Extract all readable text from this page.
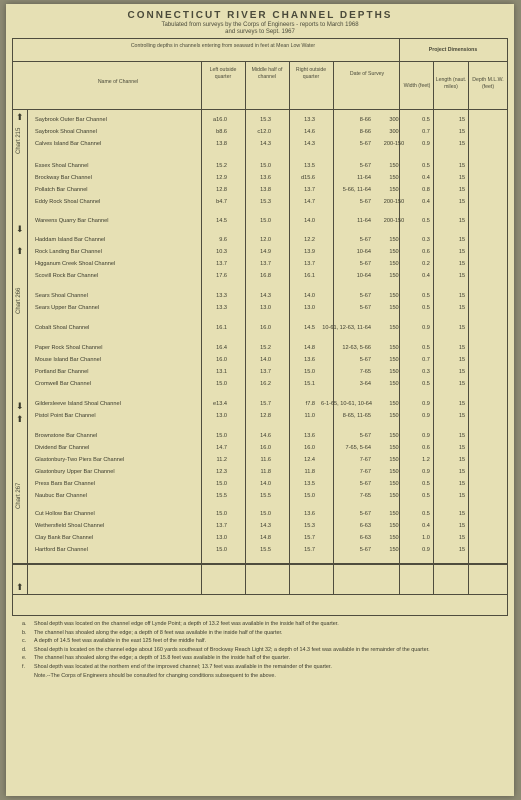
CONNECTICUT RIVER CHANNEL DEPTHS
Tabulated from surveys by the Corps of Engineers - reports to March 1968
and surveys to Sept. 1967
Controlling depths in channels entering from seaward in feet at Mean Low Water
Project Dimensions
Name of Channel
Left outside quarter
Middle half of channel
Right outside quarter	Date of Survey
Width (feet)
Length (naut. miles)
Depth M.L.W. (feet)
Chart 215
Chart 266
Chart 267
⬆
⬇
⬆
⬇
⬆
⬆
Saybrook Outer Bar Channel	a16.0	15.3	13.3	8-66	300	0.5	15
Saybrook Shoal Channel	b8.6	c12.0	14.6	8-66	300	0.7	15
Calves Island Bar Channel	13.8	14.3	14.3	5-67 200-150	0.9	15
Essex Shoal Channel	15.2	15.0	13.5	5-67	150	0.5	15
Brockway Bar Channel	12.9	13.6	d15.6	11-64	150	0.4	15
Pollatch Bar Channel	12.8	13.8	13.7	5-66, 11-64	150	0.8	15
Eddy Rock Shoal Channel	b4.7	15.3	14.7	5-67 200-150	0.4	15
Wareens Quarry Bar Channel	14.5	15.0	14.0	11-64 200-150	0.5	15
Haddam Island Bar Channel	9.6	12.0	12.2	5-67	150	0.3	15
Rock Landing Bar Channel	10.3	14.9	13.9	10-64	150	0.6	15
Higganum Creek Shoal Channel	13.7	13.7	13.7	5-67	150	0.2	15
Scovill Rock Bar Channel	17.6	16.8	16.1	10-64	150	0.4	15
Sears Shoal Channel	13.3	14.3	14.0	5-67	150	0.5	15
Sears Upper Bar Channel	13.3	13.0	13.0	5-67	150	0.5	15
Cobalt Shoal Channel	16.1	16.0	14.5 10-61, 12-63, 11-64	150	0.9	15
Paper Rock Shoal Channel	16.4	15.2	14.8	12-63, 5-66	150	0.5	15
Mouse Island Bar Channel	16.0	14.0	13.6	5-67	150	0.7	15
Portland Bar Channel	13.1	13.7	15.0	7-65	150	0.3	15
Cromwell Bar Channel	15.0	16.2	15.1	3-64	150	0.5	15
Gildersleeve Island Shoal Channel	e13.4	15.7	f7.8 6-1-65, 10-61, 10-64	150	0.9	15
Pistol Point Bar Channel	13.0	12.8	11.0	8-65, 11-65	150	0.9	15
Brownstone Bar Channel	15.0	14.6	13.6	5-67	150	0.9	15
Dividend Bar Channel	14.7	16.0	16.0	7-65, 5-64	150	0.6	15
Glastonbury-Two Piers Bar Channel	11.2	11.6	12.4	7-67	150	1.2	15
Glastonbury Upper Bar Channel	12.3	11.8	11.8	7-67	150	0.9	15
Press Bars Bar Channel	15.0	14.0	13.5	5-67	150	0.5	15
Naubuc Bar Channel	15.5	15.5	15.0	7-65	150	0.5	15
Cut Hollow Bar Channel	15.0	15.0	13.6	5-67	150	0.5	15
Wethersfield Shoal Channel	13.7	14.3	15.3	6-63	150	0.4	15
Clay Bank Bar Channel	13.0	14.8	15.7	6-63	150	1.0	15
Hartford Bar Channel	15.0	15.5	15.7	5-67	150	0.9	15
a. Shoal depth was located on the channel edge off Lynde Point; a depth of 13.2 feet was available in the inside half of the quarter.
b. The channel has shoaled along the edge; a depth of 8 feet was available in the inside half of the quarter.
c. A depth of 14.5 feet was available in the east 125 feet of the middle half.
d. Shoal depth is located on the channel edge about 160 yards southeast of Brockway Reach Light 32; a depth of 14.3 feet was available in the remainder of the quarter.
e. The channel has shoaled along the edge; a depth of 15.8 feet was available in the inside half of the quarter.
f. Shoal depth was located at the northern end of the improved channel; 13.7 feet was available in the remainder of the quarter.
Note.--The Corps of Engineers should be consulted for changing conditions subsequent to the above.
